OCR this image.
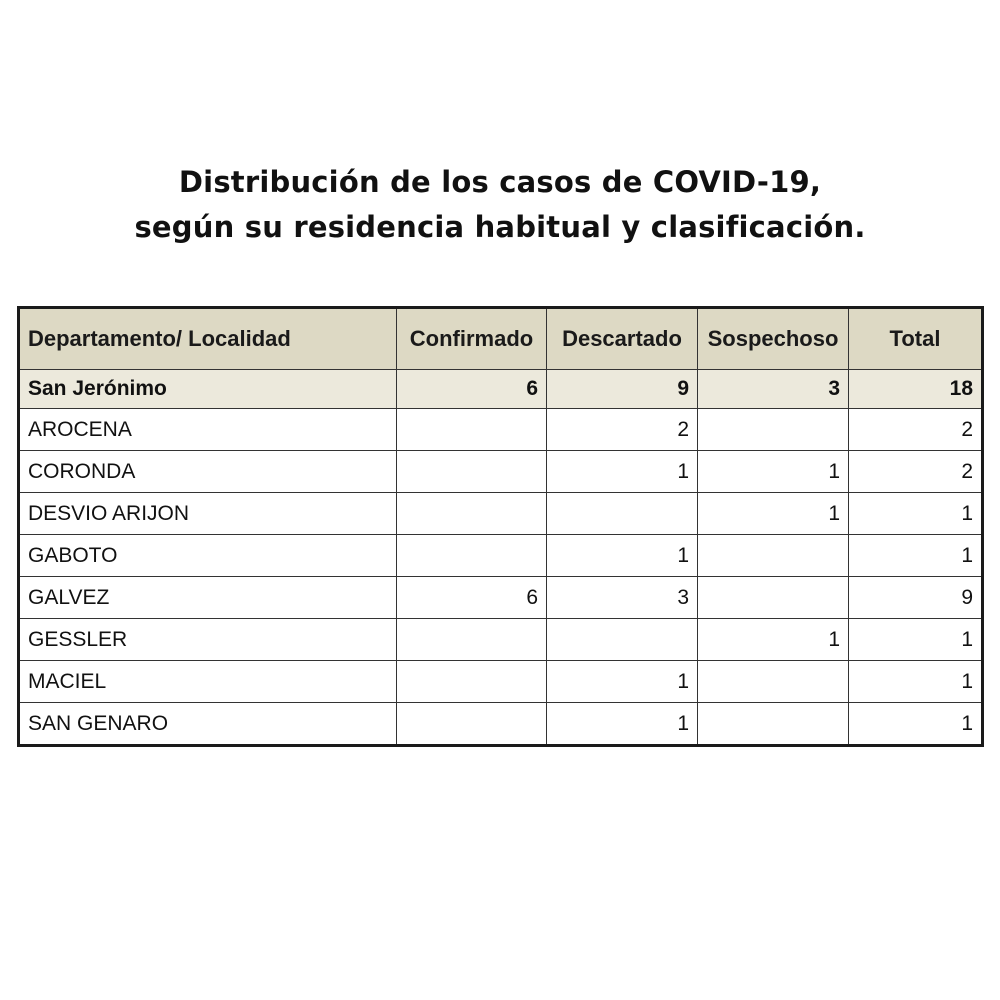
Distribución de los casos de COVID-19,
según su residencia habitual y clasificación.
Departamento/ Localidad	Confirmado	Descartado	Sospechoso	Total
San Jerónimo	6	9	3	18
AROCENA		2		2
CORONDA		1	1	2
DESVIO ARIJON			1	1
GABOTO		1		1
GALVEZ	6	3		9
GESSLER			1	1
MACIEL		1		1
SAN GENARO		1		1
